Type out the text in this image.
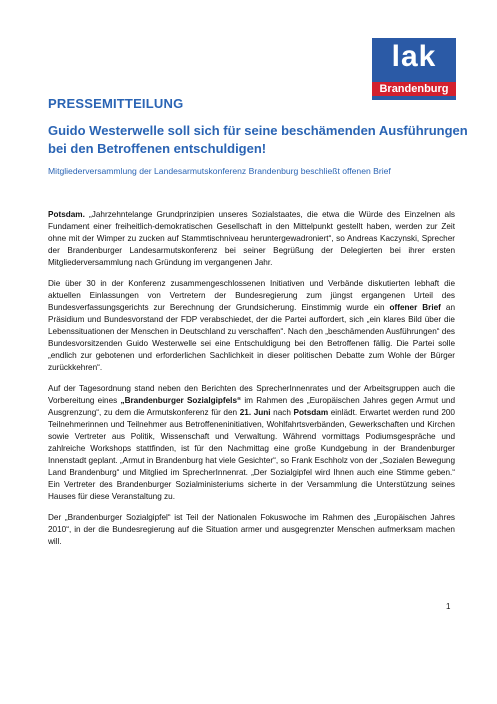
lak
Brandenburg
PRESSEMITTEILUNG
Guido Westerwelle soll sich für seine beschämenden Ausführungen bei den Betroffenen entschuldigen!

Mitgliederversammlung der Landesarmutskonferenz Brandenburg beschließt offenen Brief

Potsdam. „Jahrzehntelange Grundprinzipien unseres Sozialstaates, die etwa die Würde des Einzelnen als Fundament einer freiheitlich-demokratischen Gesellschaft in den Mittelpunkt gestellt haben, werden zur Zeit ohne mit der Wimper zu zucken auf Stammtischniveau heruntergewadroniert“, so Andreas Kaczynski, Sprecher der Brandenburger Landesarmutskonferenz bei seiner Begrüßung der Delegierten bei ihrer ersten Mitgliederversammlung nach Gründung im vergangenen Jahr.

Die über 30 in der Konferenz zusammengeschlossenen Initiativen und Verbände diskutierten lebhaft die aktuellen Einlassungen von Vertretern der Bundesregierung zum jüngst ergangenen Urteil des Bundesverfassungsgerichts zur Berechnung der Grundsicherung. Einstimmig wurde ein offener Brief an Präsidium und Bundesvorstand der FDP verabschiedet, der die Partei auffordert, sich „ein klares Bild über die Lebenssituationen der Menschen in Deutschland zu verschaffen“. Nach den „beschämenden Ausführungen“ des Bundesvorsitzenden Guido Westerwelle sei eine Entschuldigung bei den Betroffenen fällig. Die Partei solle „endlich zur gebotenen und erforderlichen Sachlichkeit in dieser politischen Debatte zum Wohle der Bürger zurückkehren“.

Auf der Tagesordnung stand neben den Berichten des SprecherInnenrates und der Arbeitsgruppen auch die Vorbereitung eines „Brandenburger Sozialgipfels“ im Rahmen des „Europäischen Jahres gegen Armut und Ausgrenzung“, zu dem die Armutskonferenz für den 21. Juni nach Potsdam einlädt. Erwartet werden rund 200 Teilnehmerinnen und Teilnehmer aus Betroffeneninitiativen, Wohlfahrtsverbänden, Gewerkschaften und Kirchen sowie Vertreter aus Politik, Wissenschaft und Verwaltung. Während vormittags Podiumsgespräche und zahlreiche Workshops stattfinden, ist für den Nachmittag eine große Kundgebung in der Brandenburger Innenstadt geplant. „Armut in Brandenburg hat viele Gesichter“, so Frank Eschholz von der „Sozialen Bewegung Land Brandenburg“ und Mitglied im SprecherInnenrat. „Der Sozialgipfel wird Ihnen auch eine Stimme geben.“ Ein Vertreter des Brandenburger Sozialministeriums sicherte in der Versammlung die Unterstützung seines Hauses für diese Veranstaltung zu.

Der „Brandenburger Sozialgipfel“ ist Teil der Nationalen Fokuswoche im Rahmen des „Europäischen Jahres 2010“, in der die Bundesregierung auf die Situation armer und ausgegrenzter Menschen aufmerksam machen will.

1
